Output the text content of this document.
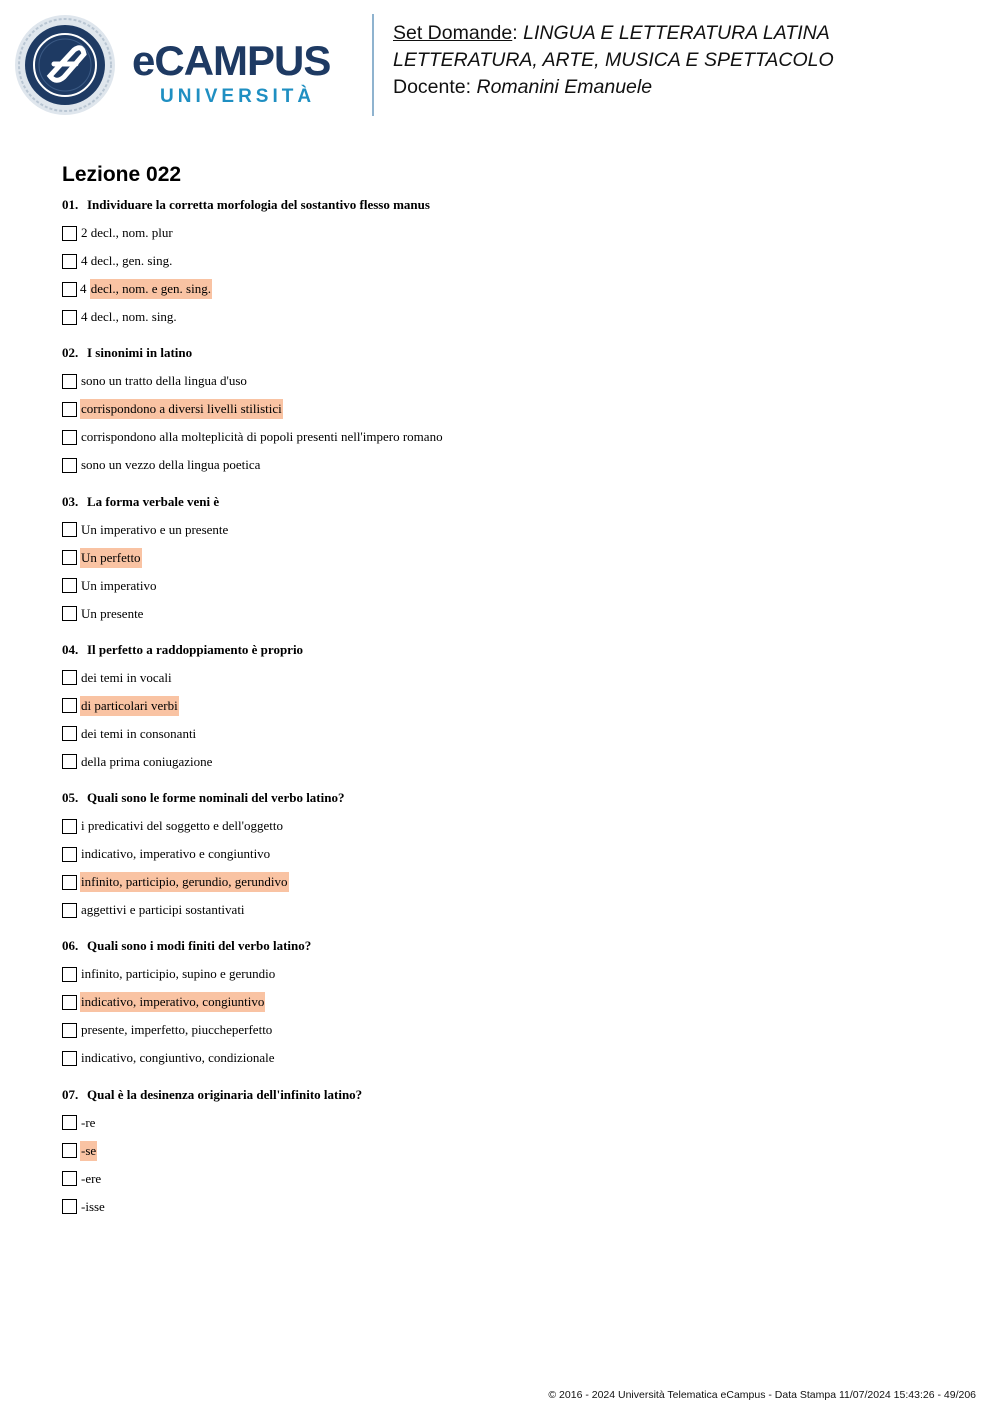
eCAMPUS
UNIVERSITÀ
Set Domande: LINGUA E LETTERATURA LATINA
LETTERATURA, ARTE, MUSICA E SPETTACOLO
Docente: Romanini Emanuele
Lezione 022
01. Individuare la corretta morfologia del sostantivo flesso manus
2 decl., nom. plur
4 decl., gen. sing.
4 decl., nom. e gen. sing.
4 decl., nom. sing.
02. I sinonimi in latino
sono un tratto della lingua d'uso
corrispondono a diversi livelli stilistici
corrispondono alla molteplicità di popoli presenti nell'impero romano
sono un vezzo della lingua poetica
03. La forma verbale veni è
Un imperativo e un presente
Un perfetto
Un imperativo
Un presente
04. Il perfetto a raddoppiamento è proprio
dei temi in vocali
di particolari verbi
dei temi in consonanti
della prima coniugazione
05. Quali sono le forme nominali del verbo latino?
i predicativi del soggetto e dell'oggetto
indicativo, imperativo e congiuntivo
infinito, participio, gerundio, gerundivo
aggettivi e participi sostantivati
06. Quali sono i modi finiti del verbo latino?
infinito, participio, supino e gerundio
indicativo, imperativo, congiuntivo
presente, imperfetto, piuccheperfetto
indicativo, congiuntivo, condizionale
07. Qual è la desinenza originaria dell'infinito latino?
-re
-se
-ere
-isse
© 2016 - 2024 Università Telematica eCampus - Data Stampa 11/07/2024 15:43:26 - 49/206
